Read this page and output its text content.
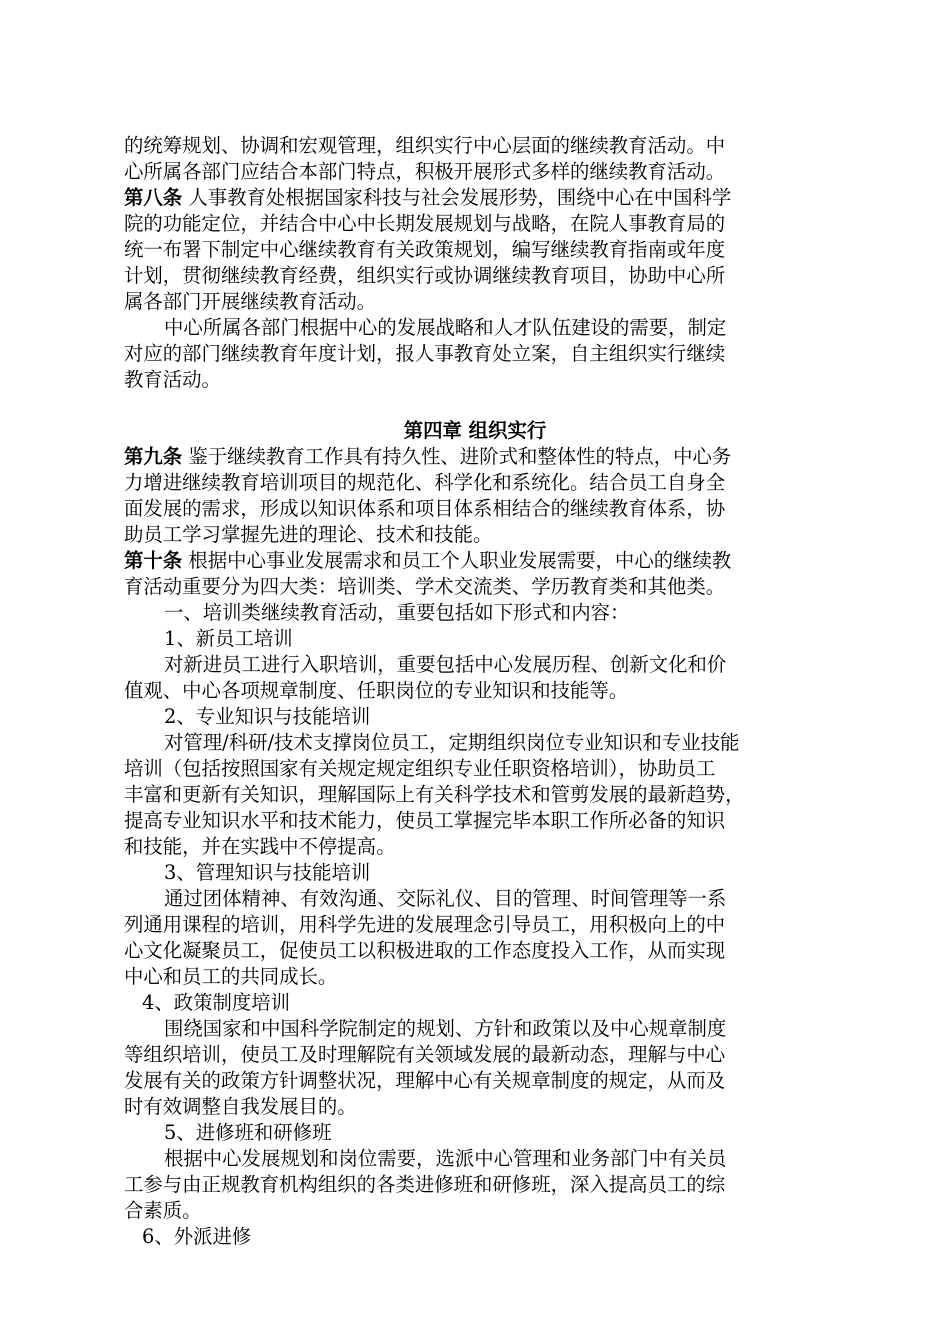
的统筹规划、协调和宏观管理，组织实行中心层面的继续教育活动。中
心所属各部门应结合本部门特点，积极开展形式多样的继续教育活动。
第八条 人事教育处根据国家科技与社会发展形势，围绕中心在中国科学
院的功能定位，并结合中心中长期发展规划与战略，在院人事教育局的
统一布署下制定中心继续教育有关政策规划，编写继续教育指南或年度
计划，贯彻继续教育经费，组织实行或协调继续教育项目，协助中心所
属各部门开展继续教育活动。
中心所属各部门根据中心的发展战略和人才队伍建设的需要，制定
对应的部门继续教育年度计划，报人事教育处立案，自主组织实行继续
教育活动。
第四章 组织实行
第九条 鉴于继续教育工作具有持久性、进阶式和整体性的特点，中心务
力增进继续教育培训项目的规范化、科学化和系统化。结合员工自身全
面发展的需求，形成以知识体系和项目体系相结合的继续教育体系，协
助员工学习掌握先进的理论、技术和技能。
第十条 根据中心事业发展需求和员工个人职业发展需要，中心的继续教
育活动重要分为四大类：培训类、学术交流类、学历教育类和其他类。
一、培训类继续教育活动，重要包括如下形式和内容：
1、新员工培训
对新进员工进行入职培训，重要包括中心发展历程、创新文化和价
值观、中心各项规章制度、任职岗位的专业知识和技能等。
2、专业知识与技能培训
对管理/科研/技术支撑岗位员工，定期组织岗位专业知识和专业技能
培训（包括按照国家有关规定规定组织专业任职资格培训），协助员工
丰富和更新有关知识，理解国际上有关科学技术和管剪发展的最新趋势，
提高专业知识水平和技术能力，使员工掌握完毕本职工作所必备的知识
和技能，并在实践中不停提高。
3、管理知识与技能培训
通过团体精神、有效沟通、交际礼仪、目的管理、时间管理等一系
列通用课程的培训，用科学先进的发展理念引导员工，用积极向上的中
心文化凝聚员工，促使员工以积极进取的工作态度投入工作，从而实现
中心和员工的共同成长。
4、政策制度培训
围绕国家和中国科学院制定的规划、方针和政策以及中心规章制度
等组织培训，使员工及时理解院有关领域发展的最新动态，理解与中心
发展有关的政策方针调整状况，理解中心有关规章制度的规定，从而及
时有效调整自我发展目的。
5、进修班和研修班
根据中心发展规划和岗位需要，选派中心管理和业务部门中有关员
工参与由正规教育机构组织的各类进修班和研修班，深入提高员工的综
合素质。
6、外派进修
